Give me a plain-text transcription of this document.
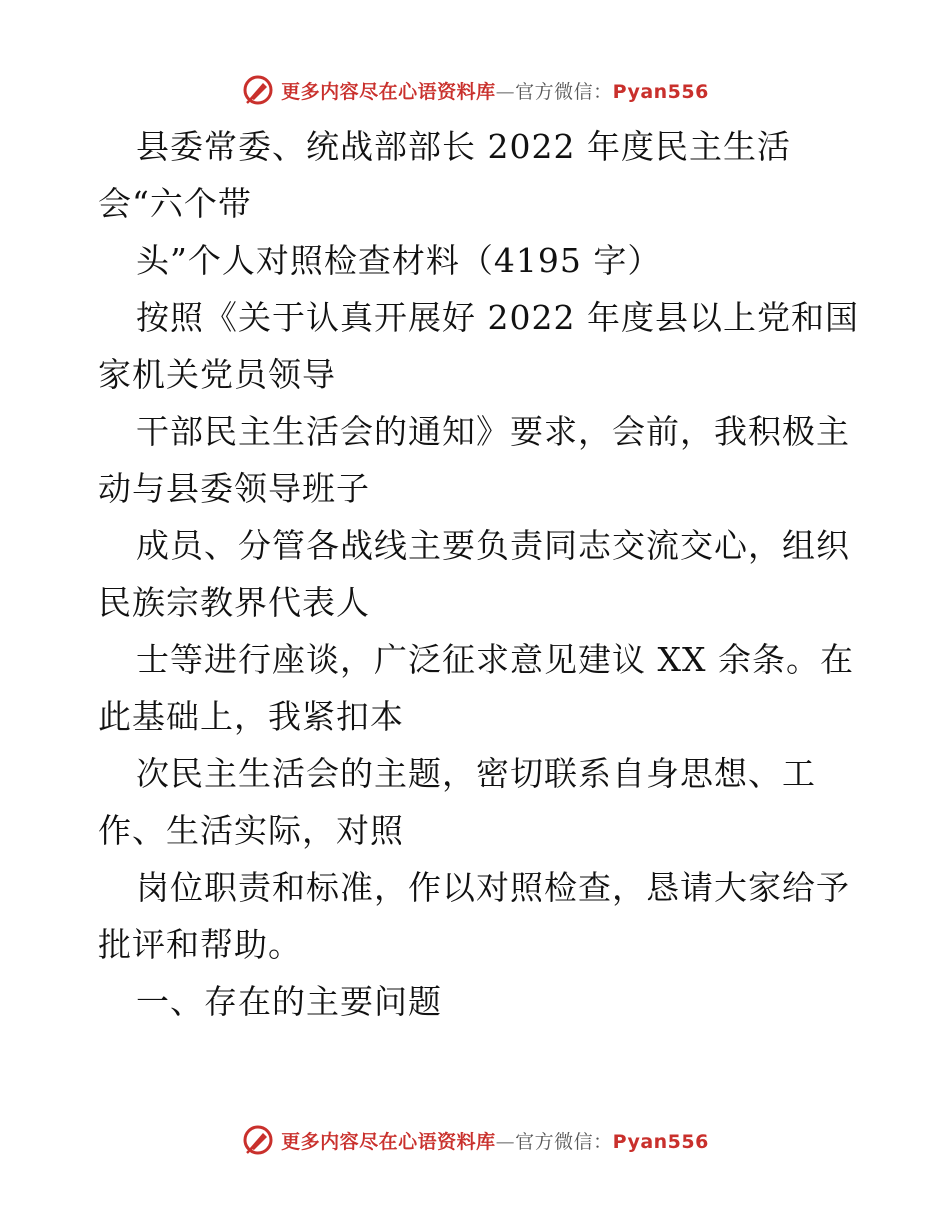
更多内容尽在心语资料库—官方微信：Pyan556
县委常委、统战部部长 2022 年度民主生活
会“六个带
头”个人对照检查材料（4195 字）
按照《关于认真开展好 2022 年度县以上党和国
家机关党员领导
干部民主生活会的通知》要求，会前，我积极主
动与县委领导班子
成员、分管各战线主要负责同志交流交心，组织
民族宗教界代表人
士等进行座谈，广泛征求意见建议 XX 余条。在
此基础上，我紧扣本
次民主生活会的主题，密切联系自身思想、工
作、生活实际，对照
岗位职责和标准，作以对照检查，恳请大家给予
批评和帮助。
一、存在的主要问题
更多内容尽在心语资料库—官方微信：Pyan556
